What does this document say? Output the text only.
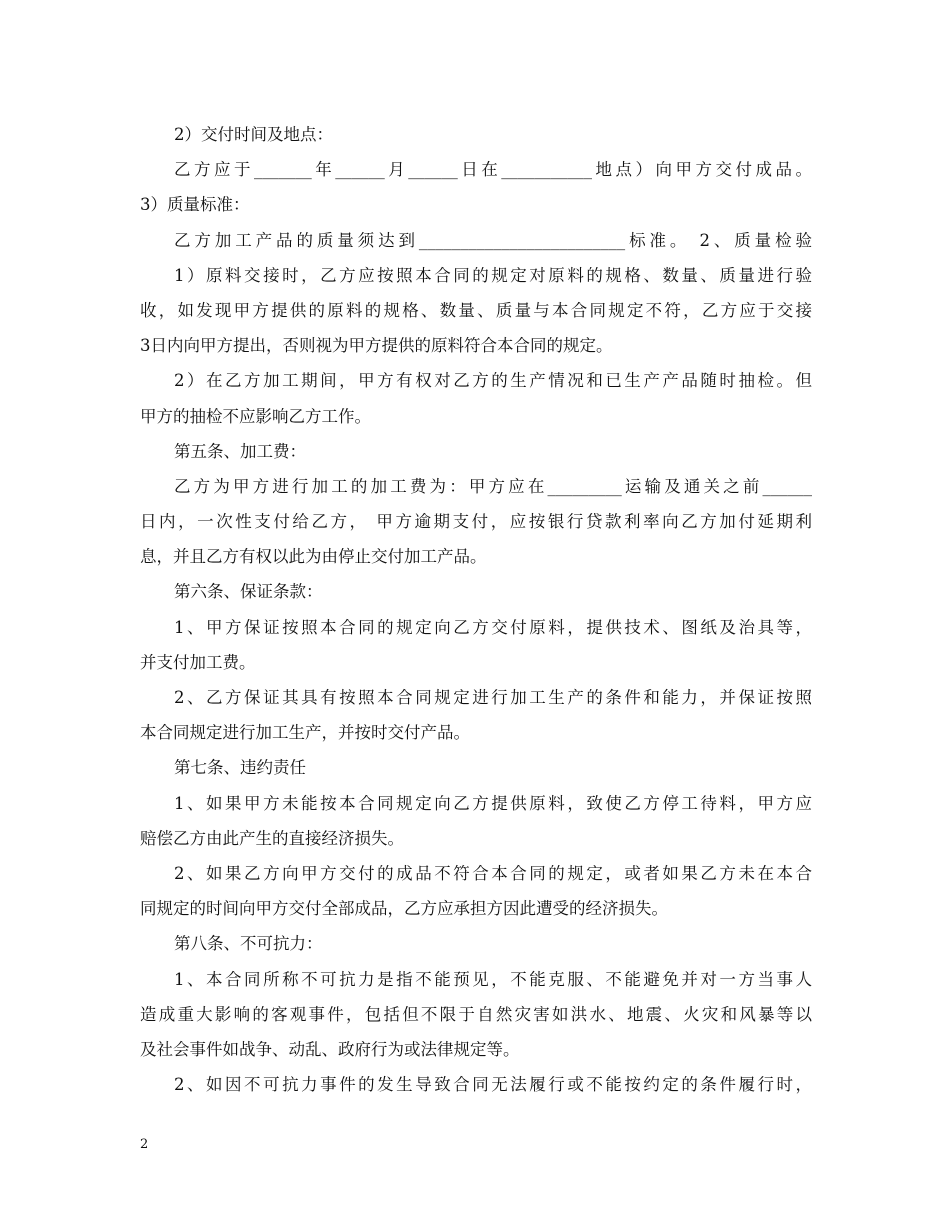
2）交付时间及地点：
乙方应于_______年______月______日在___________地点）向甲方交付成品。
3）质量标准：
乙方加工产品的质量须达到_________________________标准。 2、质量检验
1）原料交接时，乙方应按照本合同的规定对原料的规格、数量、质量进行验
收，如发现甲方提供的原料的规格、数量、质量与本合同规定不符，乙方应于交接
3日内向甲方提出，否则视为甲方提供的原料符合本合同的规定。
2）在乙方加工期间，甲方有权对乙方的生产情况和已生产产品随时抽检。但
甲方的抽检不应影响乙方工作。
第五条、加工费：
乙方为甲方进行加工的加工费为：甲方应在_________运输及通关之前______
日内，一次性支付给乙方， 甲方逾期支付，应按银行贷款利率向乙方加付延期利
息，并且乙方有权以此为由停止交付加工产品。
第六条、保证条款：
1、甲方保证按照本合同的规定向乙方交付原料，提供技术、图纸及治具等，
并支付加工费。
2、乙方保证其具有按照本合同规定进行加工生产的条件和能力，并保证按照
本合同规定进行加工生产，并按时交付产品。
第七条、违约责任
1、如果甲方未能按本合同规定向乙方提供原料，致使乙方停工待料，甲方应
赔偿乙方由此产生的直接经济损失。
2、如果乙方向甲方交付的成品不符合本合同的规定，或者如果乙方未在本合
同规定的时间向甲方交付全部成品，乙方应承担方因此遭受的经济损失。
第八条、不可抗力：
1、本合同所称不可抗力是指不能预见，不能克服、不能避免并对一方当事人
造成重大影响的客观事件，包括但不限于自然灾害如洪水、地震、火灾和风暴等以
及社会事件如战争、动乱、政府行为或法律规定等。
2、如因不可抗力事件的发生导致合同无法履行或不能按约定的条件履行时，
2
